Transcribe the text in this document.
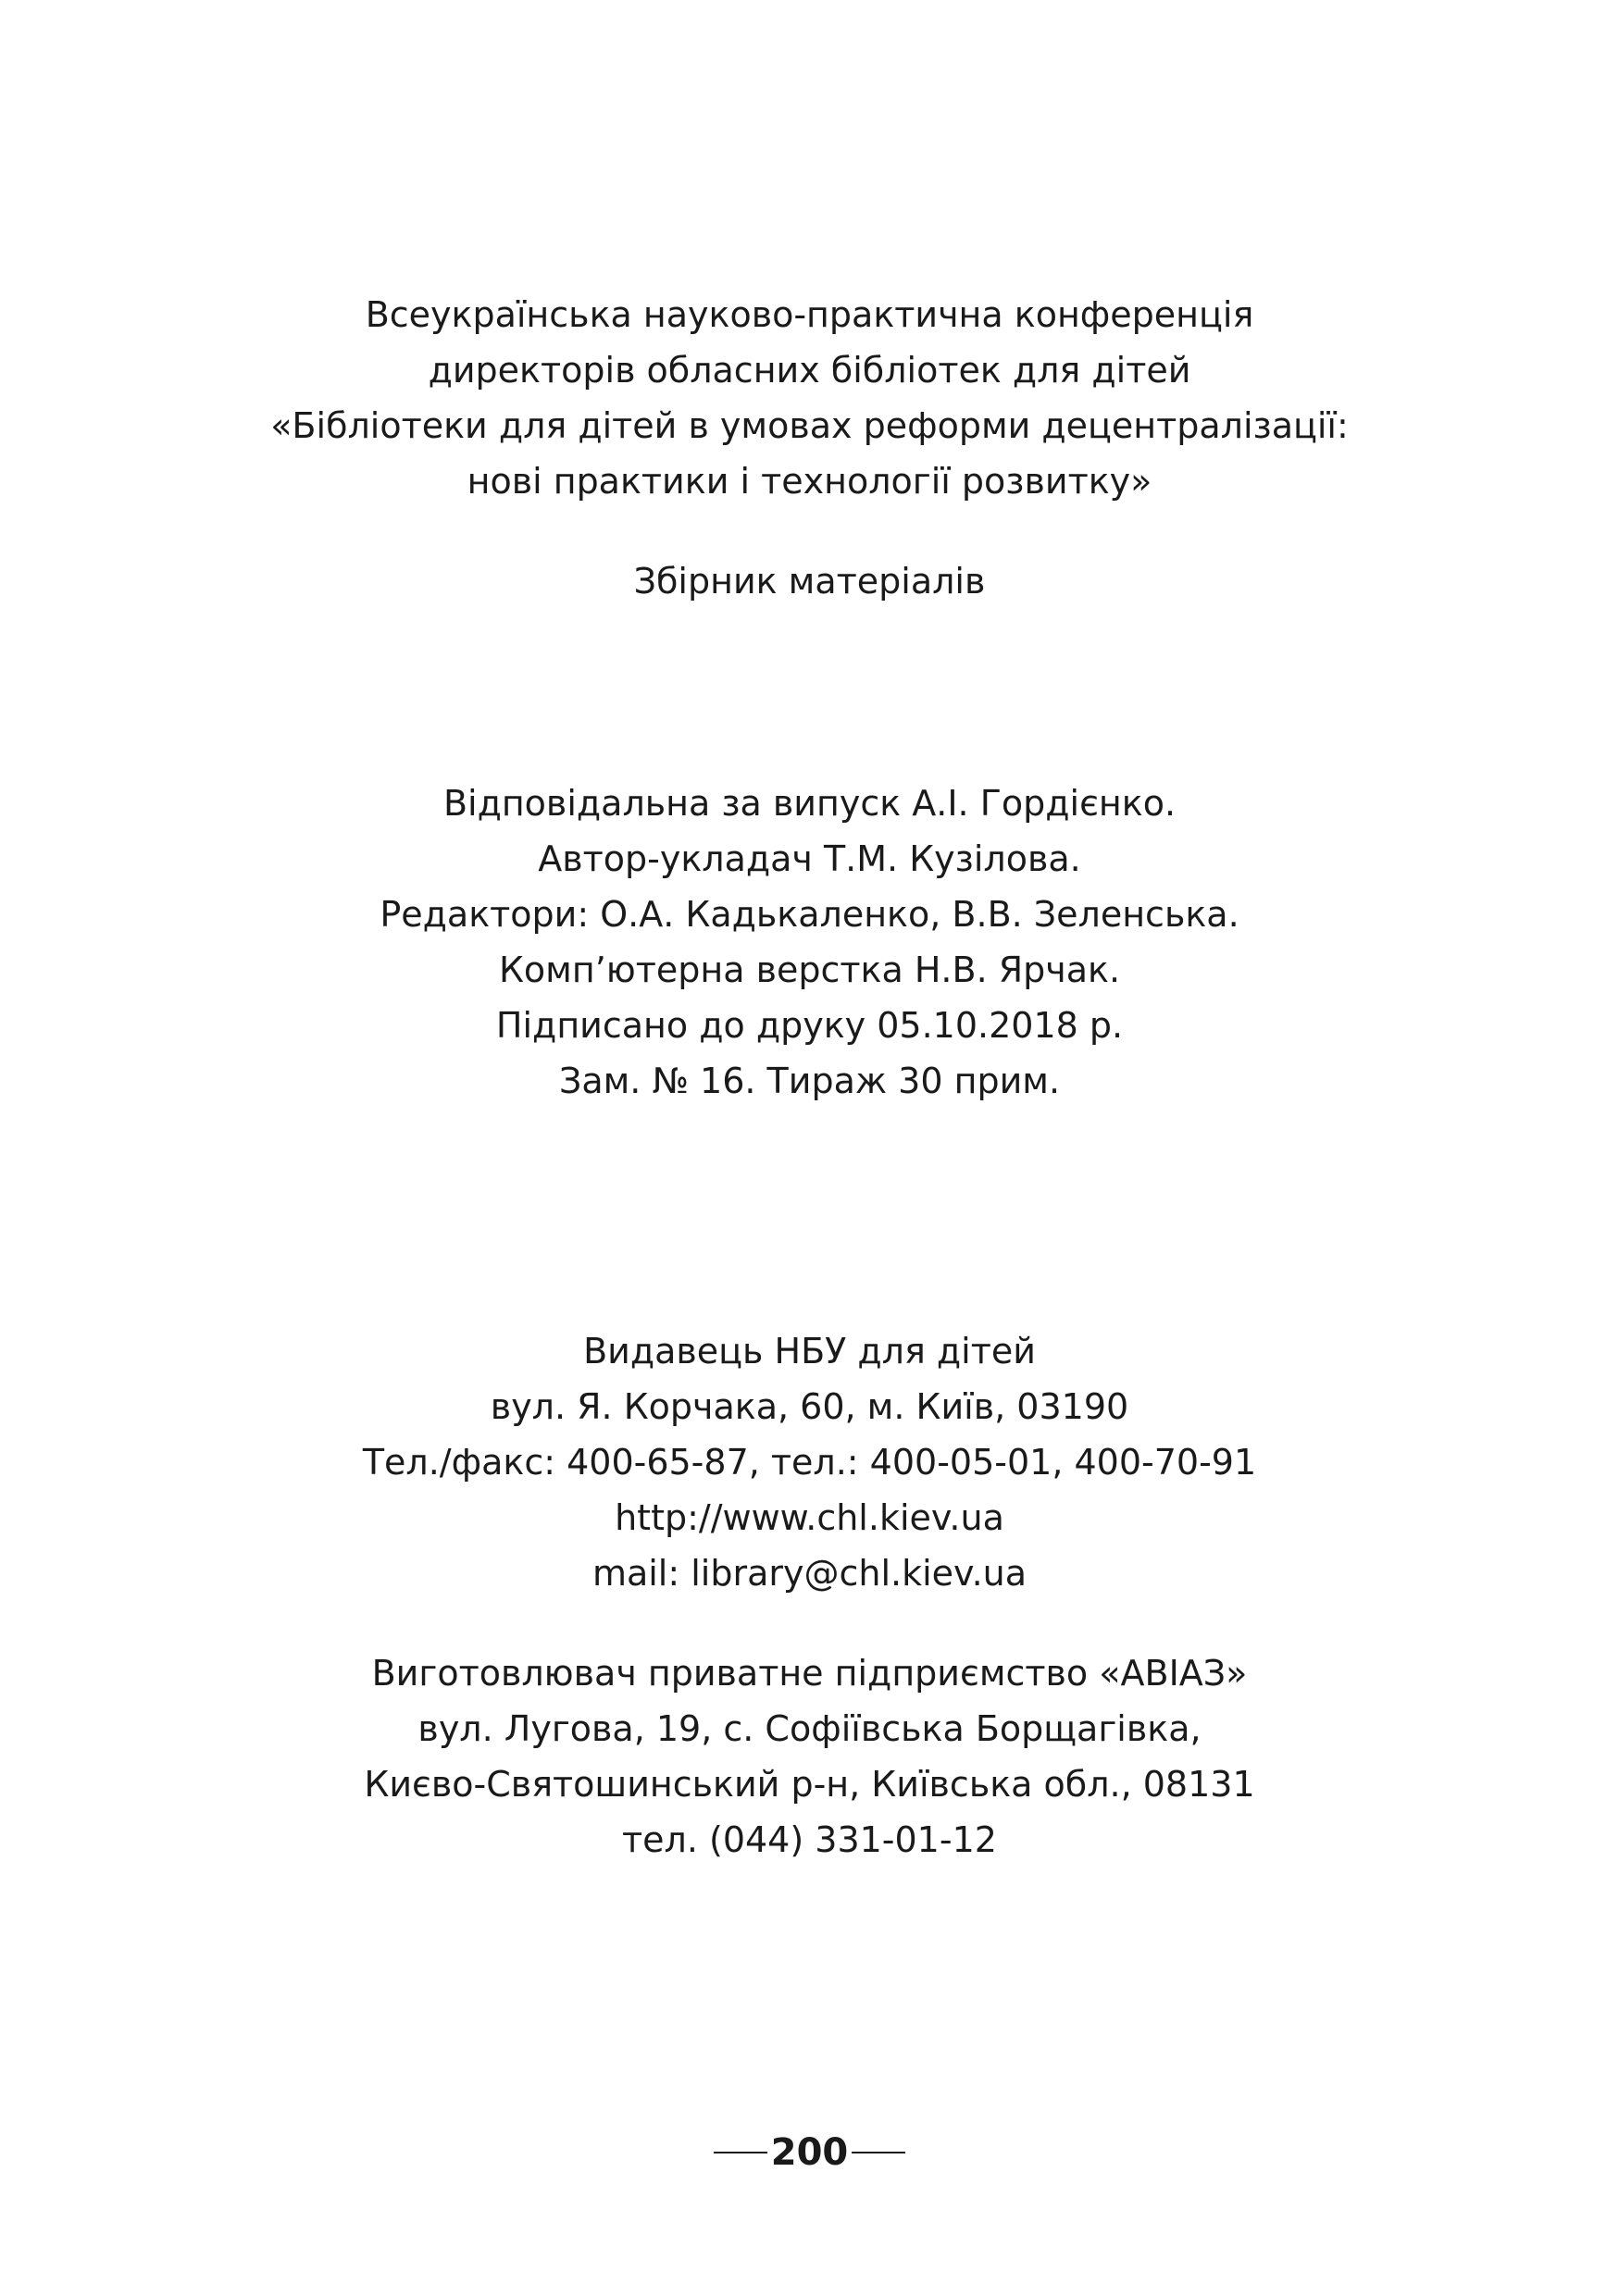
Всеукраїнська науково-практична конференція
директорів обласних бібліотек для дітей
«Бібліотеки для дітей в умовах реформи децентралізації:
нові практики і технології розвитку»
Збірник матеріалів
Відповідальна за випуск А.І. Гордієнко.
Автор-укладач Т.М. Кузілова.
Редактори: О.А. Кадькаленко, В.В. Зеленська.
Комп’ютерна верстка Н.В. Ярчак.
Підписано до друку 05.10.2018 р.
Зам. № 16. Тираж 30 прим.
Видавець НБУ для дітей
вул. Я. Корчака, 60, м. Київ, 03190
Тел./факс: 400-65-87, тел.: 400-05-01, 400-70-91
http://www.chl.kiev.ua
mail: library@chl.kiev.ua
Виготовлювач приватне підприємство «АВІАЗ»
вул. Лугова, 19, с. Софіївська Борщагівка,
Києво-Святошинський р-н, Київська обл., 08131
тел. (044) 331-01-12
200
